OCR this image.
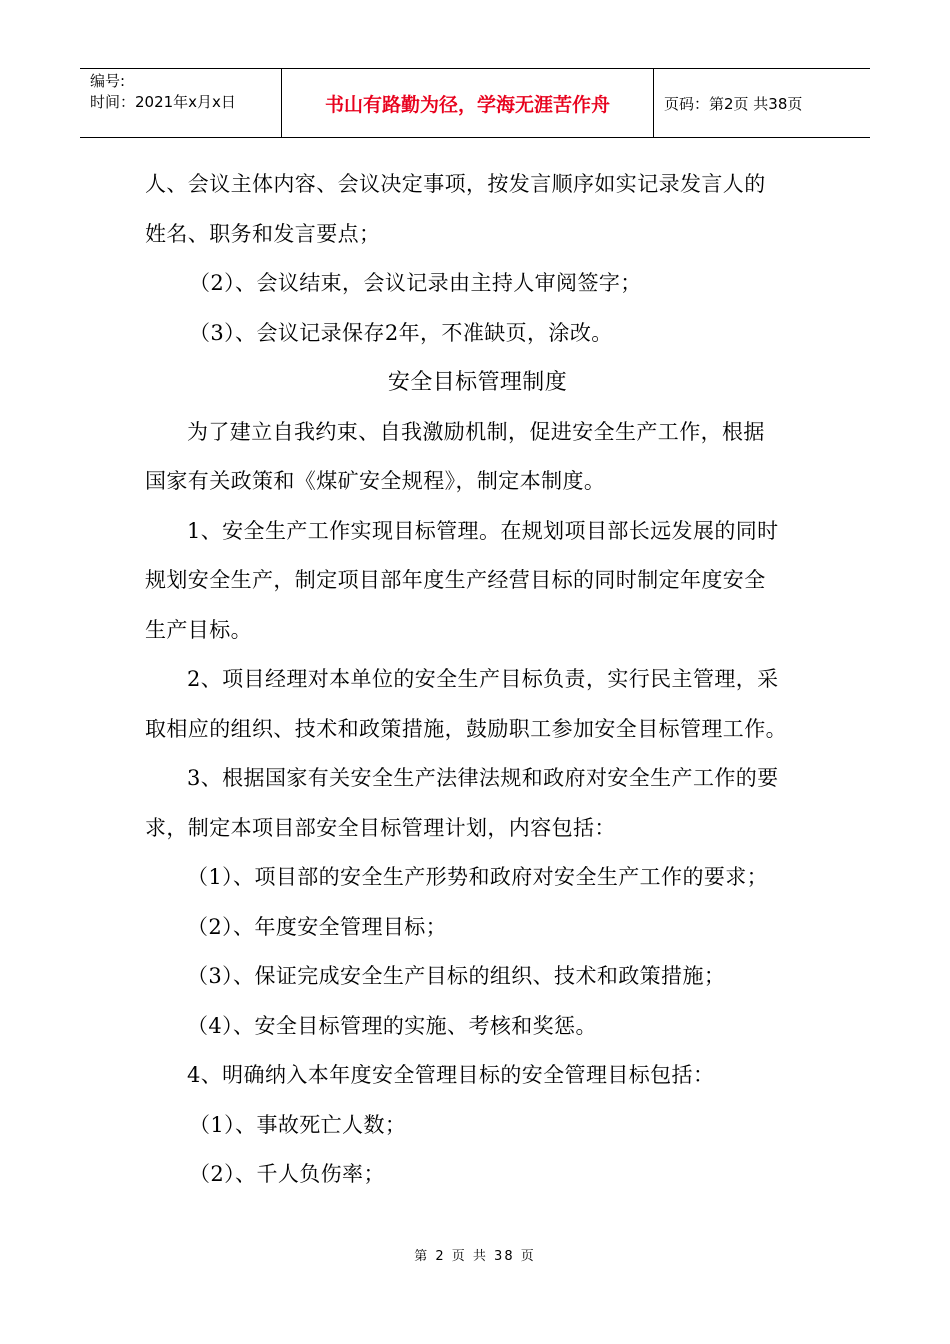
编号:
时间：2021年x月x日	书山有路勤为径，学海无涯苦作舟	页码：第2页 共38页
人、会议主体内容、会议决定事项，按发言顺序如实记录发言人的
姓名、职务和发言要点；
（2）、会议结束，会议记录由主持人审阅签字；
（3）、会议记录保存2年，不准缺页，涂改。
安全目标管理制度
为了建立自我约束、自我激励机制，促进安全生产工作，根据
国家有关政策和《煤矿安全规程》，制定本制度。
1、安全生产工作实现目标管理。在规划项目部长远发展的同时
规划安全生产，制定项目部年度生产经营目标的同时制定年度安全
生产目标。
2、项目经理对本单位的安全生产目标负责，实行民主管理，采
取相应的组织、技术和政策措施，鼓励职工参加安全目标管理工作。
3、根据国家有关安全生产法律法规和政府对安全生产工作的要
求，制定本项目部安全目标管理计划，内容包括：
（1）、项目部的安全生产形势和政府对安全生产工作的要求；
（2）、年度安全管理目标；
（3）、保证完成安全生产目标的组织、技术和政策措施；
（4）、安全目标管理的实施、考核和奖惩。
4、明确纳入本年度安全管理目标的安全管理目标包括：
（1）、事故死亡人数；
（2）、千人负伤率；
第 2 页 共 38 页
